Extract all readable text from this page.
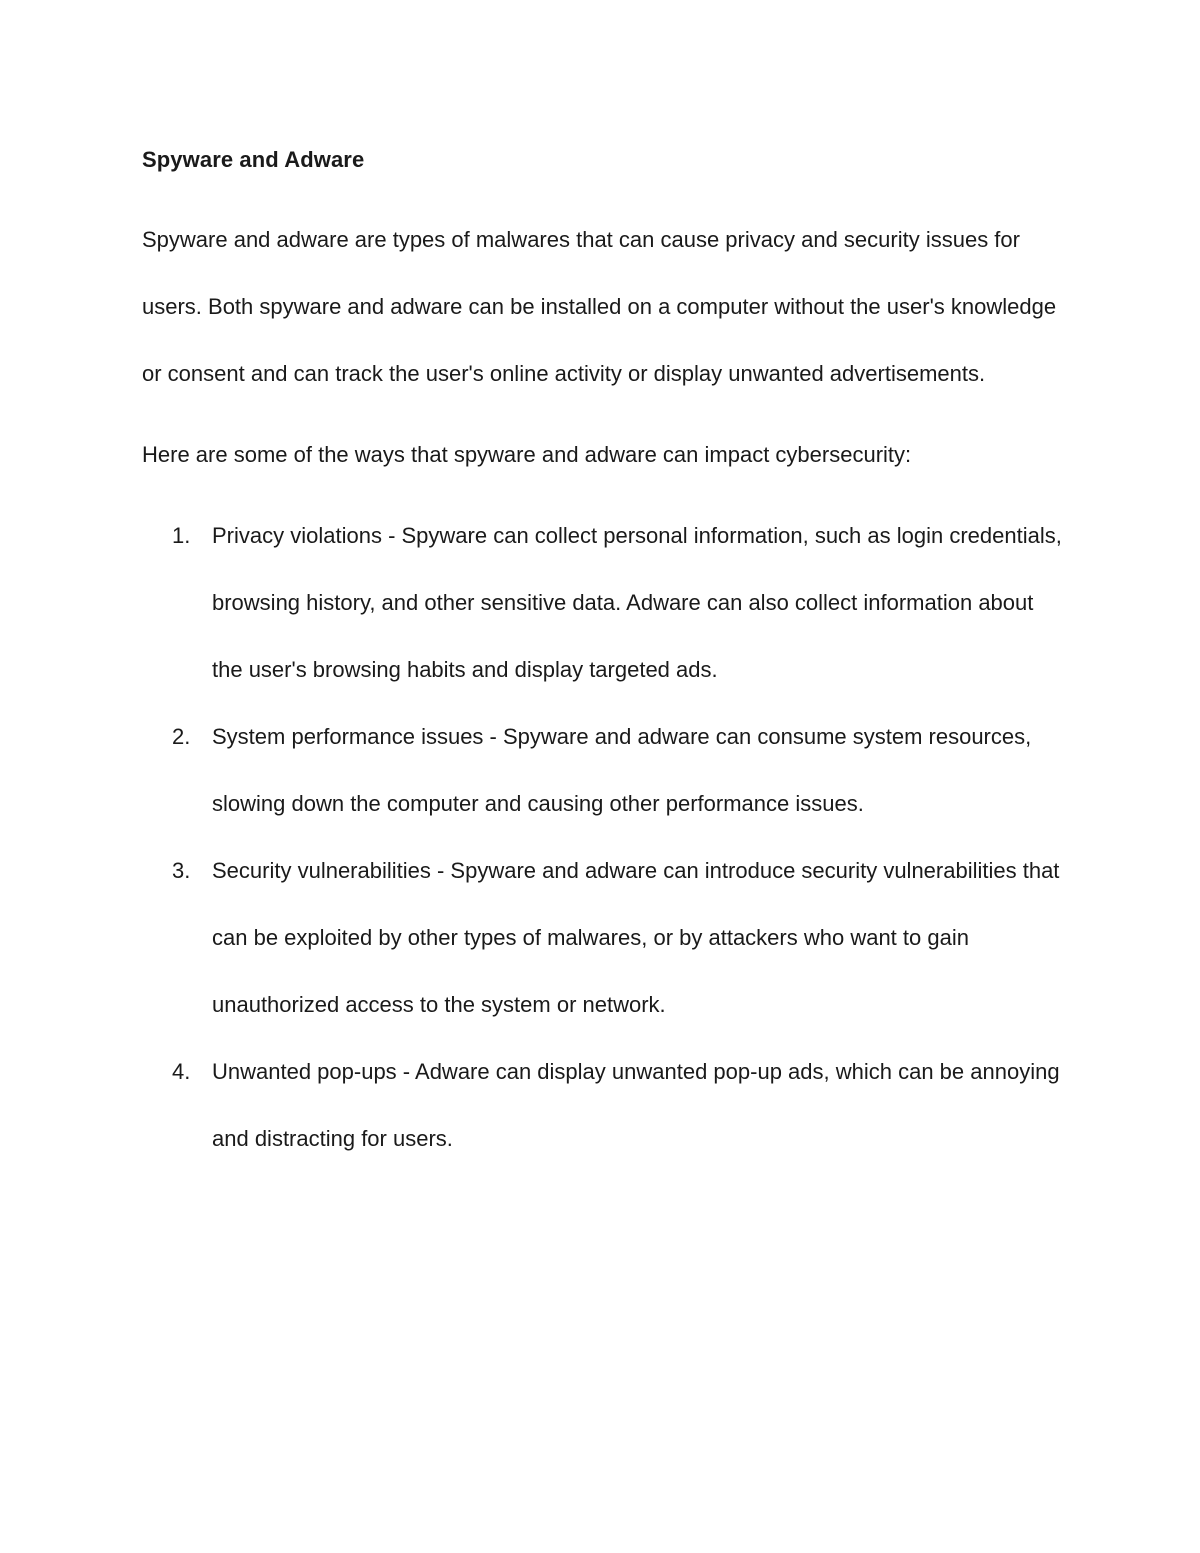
Spyware and Adware

Spyware and adware are types of malwares that can cause privacy and security issues for users. Both spyware and adware can be installed on a computer without the user's knowledge or consent and can track the user's online activity or display unwanted advertisements.

Here are some of the ways that spyware and adware can impact cybersecurity:

1. Privacy violations - Spyware can collect personal information, such as login credentials, browsing history, and other sensitive data. Adware can also collect information about the user's browsing habits and display targeted ads.
2. System performance issues - Spyware and adware can consume system resources, slowing down the computer and causing other performance issues.
3. Security vulnerabilities - Spyware and adware can introduce security vulnerabilities that can be exploited by other types of malwares, or by attackers who want to gain unauthorized access to the system or network.
4. Unwanted pop-ups - Adware can display unwanted pop-up ads, which can be annoying and distracting for users.
